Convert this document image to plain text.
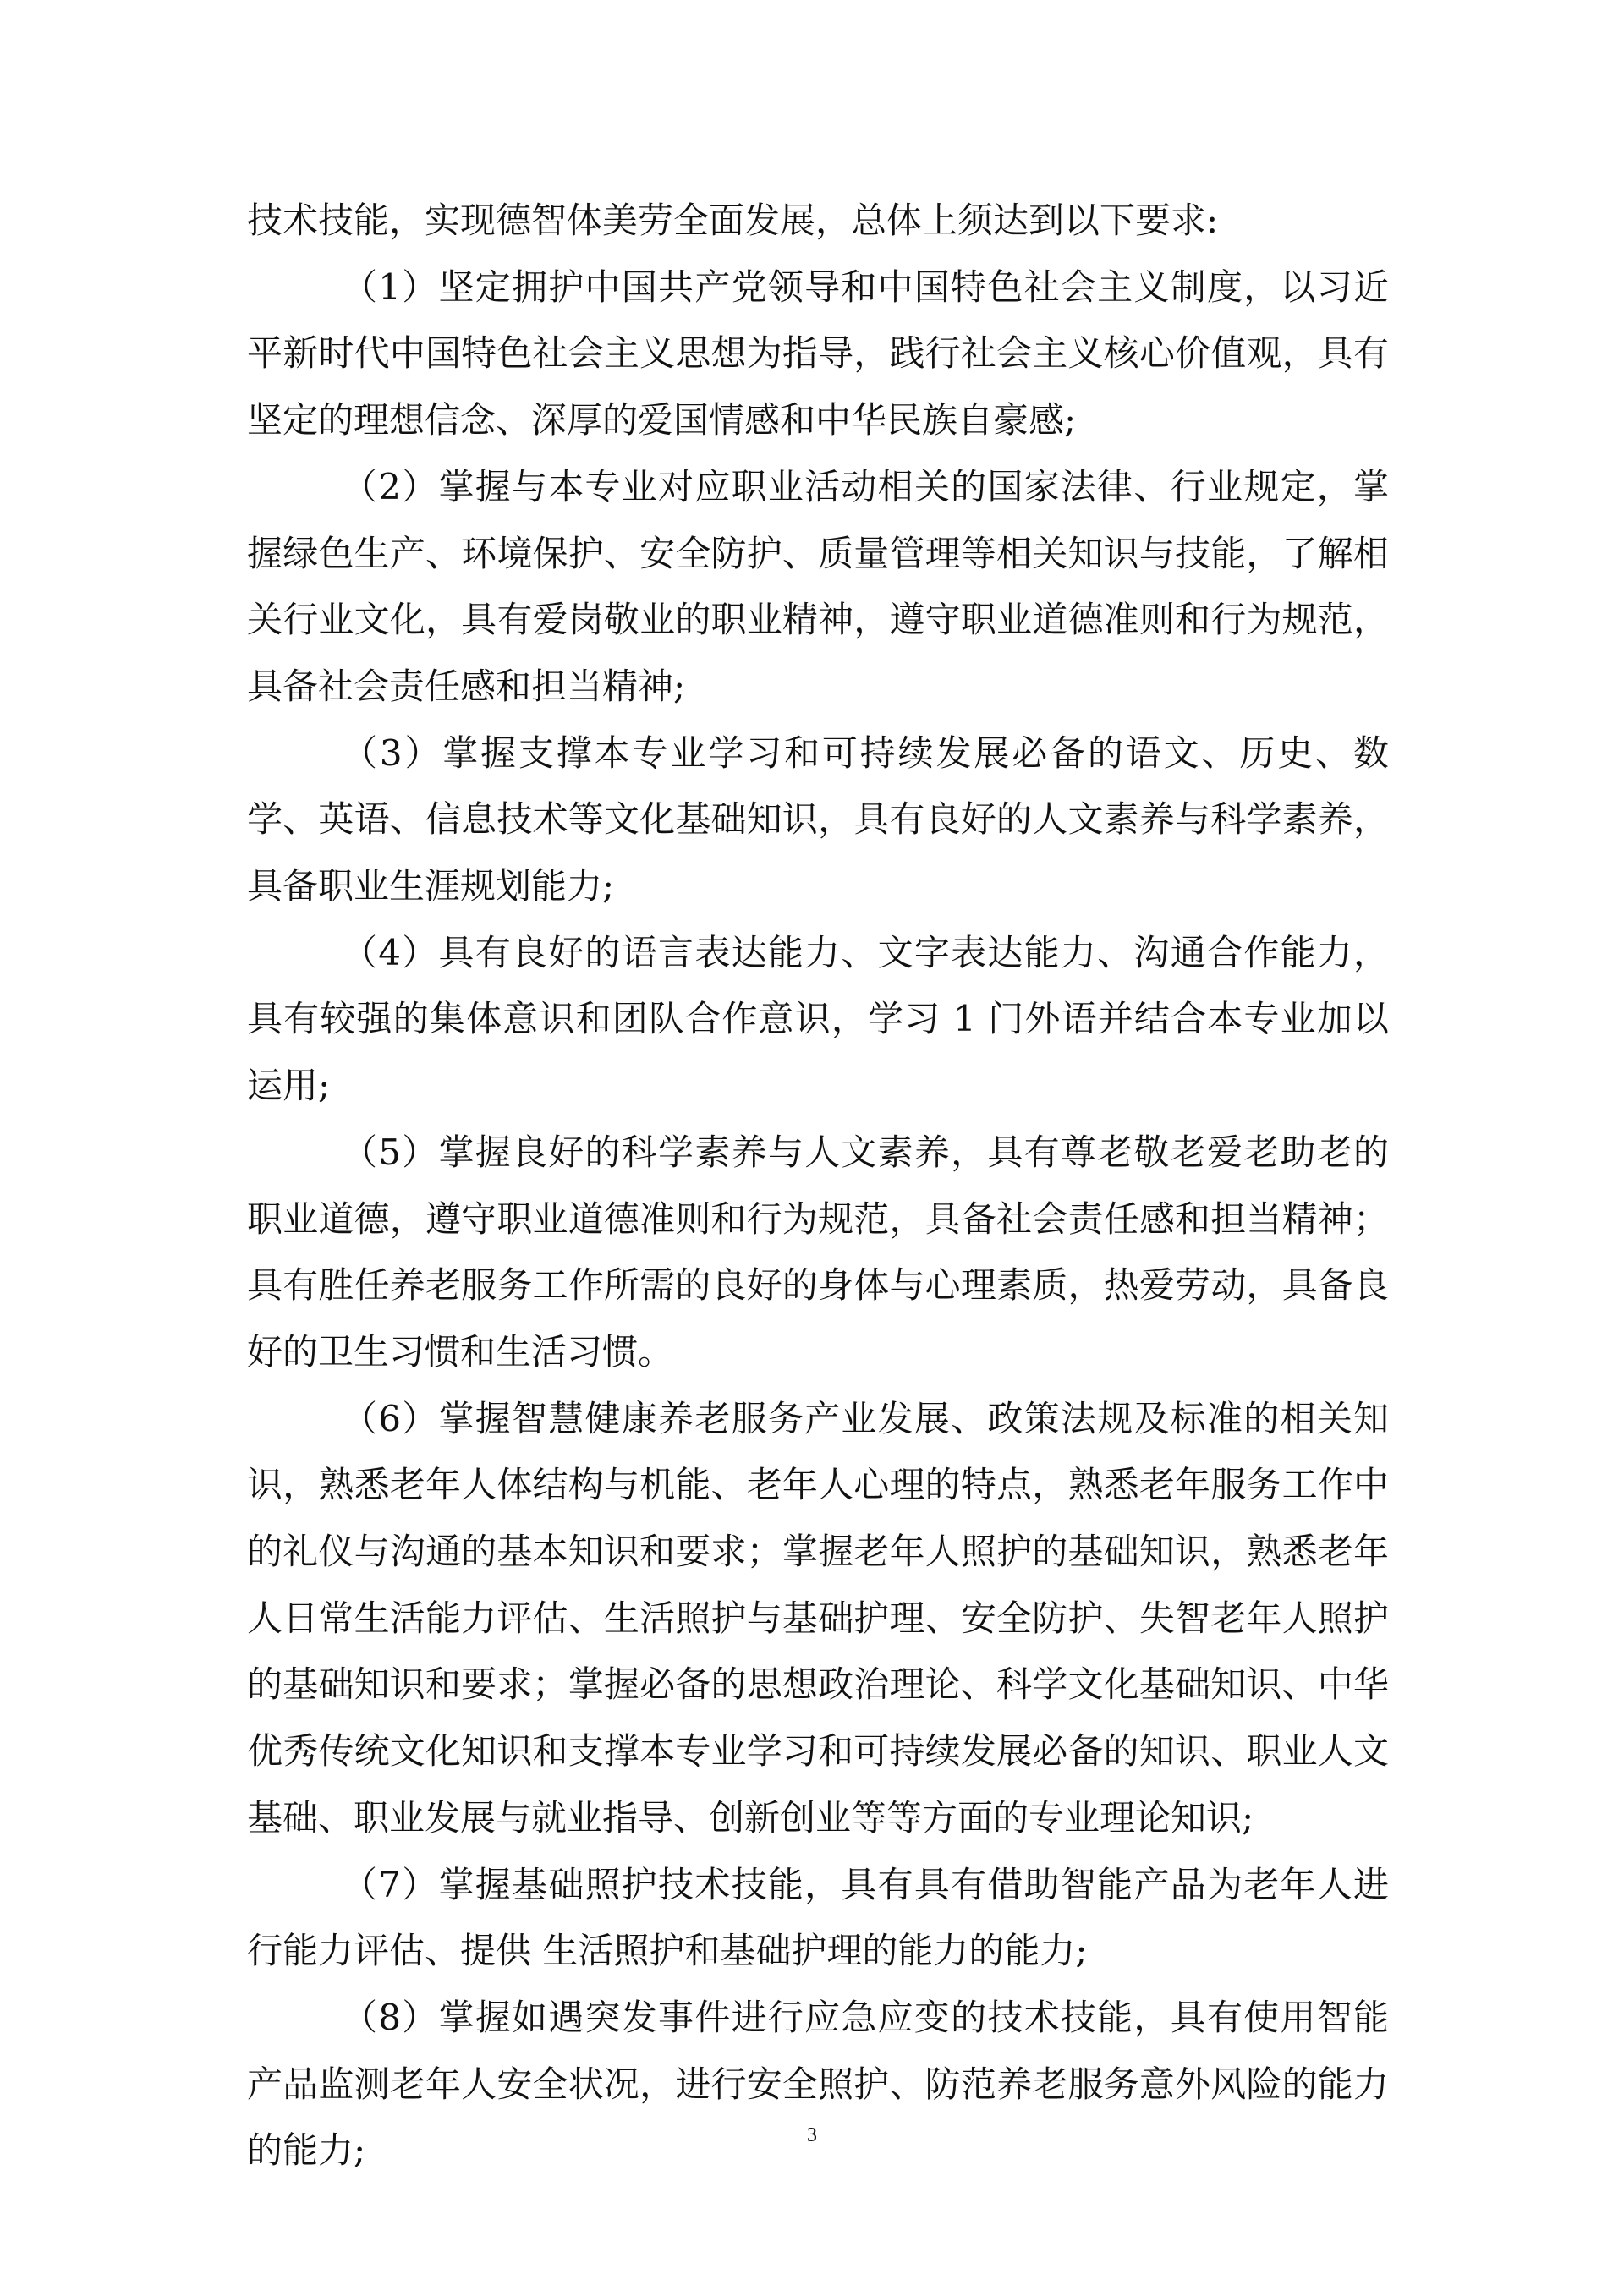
技术技能，实现德智体美劳全面发展，总体上须达到以下要求:

（1）坚定拥护中国共产党领导和中国特色社会主义制度，以习近平新时代中国特色社会主义思想为指导，践行社会主义核心价值观，具有坚定的理想信念、深厚的爱国情感和中华民族自豪感;

（2）掌握与本专业对应职业活动相关的国家法律、行业规定，掌握绿色生产、环境保护、安全防护、质量管理等相关知识与技能，了解相关行业文化，具有爱岗敬业的职业精神，遵守职业道德准则和行为规范，具备社会责任感和担当精神;

（3）掌握支撑本专业学习和可持续发展必备的语文、历史、数学、英语、信息技术等文化基础知识，具有良好的人文素养与科学素养，具备职业生涯规划能力;

（4）具有良好的语言表达能力、文字表达能力、沟通合作能力，具有较强的集体意识和团队合作意识，学习 1 门外语并结合本专业加以运用;

（5）掌握良好的科学素养与人文素养，具有尊老敬老爱老助老的职业道德，遵守职业道德准则和行为规范，具备社会责任感和担当精神；具有胜任养老服务工作所需的良好的身体与心理素质，热爱劳动，具备良好的卫生习惯和生活习惯。

（6）掌握智慧健康养老服务产业发展、政策法规及标准的相关知识，熟悉老年人体结构与机能、老年人心理的特点，熟悉老年服务工作中的礼仪与沟通的基本知识和要求；掌握老年人照护的基础知识，熟悉老年人日常生活能力评估、生活照护与基础护理、安全防护、失智老年人照护的基础知识和要求；掌握必备的思想政治理论、科学文化基础知识、中华优秀传统文化知识和支撑本专业学习和可持续发展必备的知识、职业人文基础、职业发展与就业指导、创新创业等等方面的专业理论知识;

（7）掌握基础照护技术技能，具有具有借助智能产品为老年人进行能力评估、提供 生活照护和基础护理的能力的能力;

（8）掌握如遇突发事件进行应急应变的技术技能，具有使用智能产品监测老年人安全状况，进行安全照护、防范养老服务意外风险的能力的能力;	3
